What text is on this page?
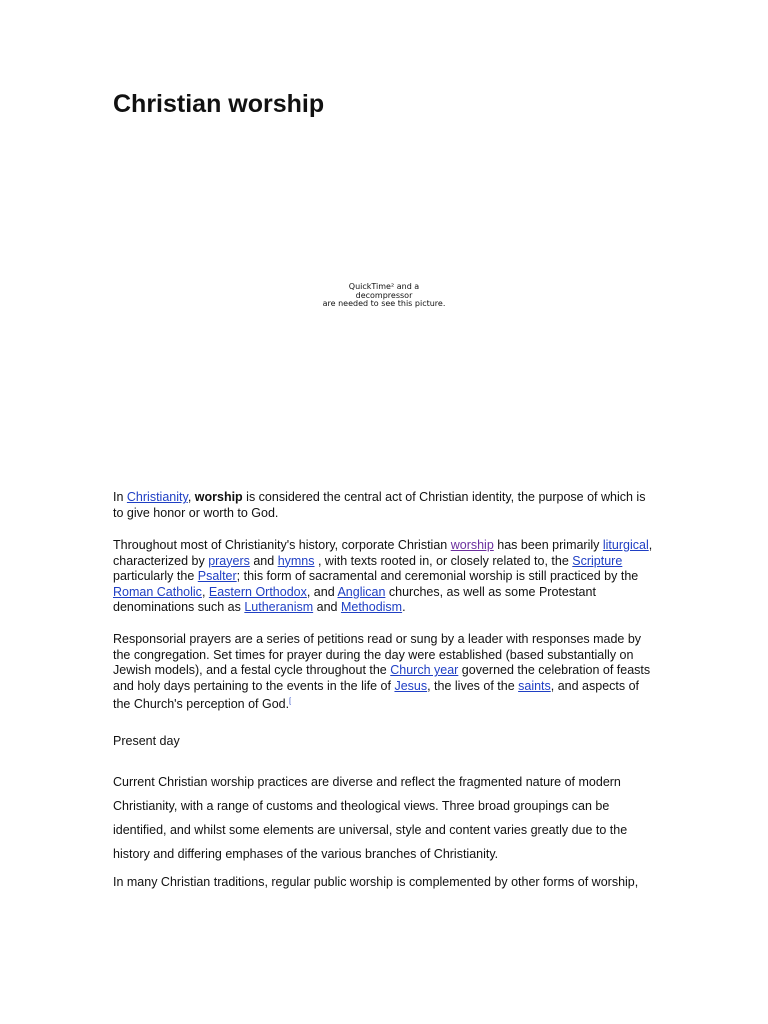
Christian worship
QuickTime² and a
decompressor
are needed to see this picture.

In Christianity, worship is considered the central act of Christian identity, the purpose of which is to give honor or worth to God.

Throughout most of Christianity's history, corporate Christian worship has been primarily liturgical, characterized by prayers and hymns , with texts rooted in, or closely related to, the Scripture particularly the Psalter; this form of sacramental and ceremonial worship is still practiced by the Roman Catholic, Eastern Orthodox, and Anglican churches, as well as some Protestant denominations such as Lutheranism and Methodism.

Responsorial prayers are a series of petitions read or sung by a leader with responses made by the congregation. Set times for prayer during the day were established (based substantially on Jewish models), and a festal cycle throughout the Church year governed the celebration of feasts and holy days pertaining to the events in the life of Jesus, the lives of the saints, and aspects of the Church's perception of God.[

Present day

Current Christian worship practices are diverse and reflect the fragmented nature of modern Christianity, with a range of customs and theological views. Three broad groupings can be identified, and whilst some elements are universal, style and content varies greatly due to the history and differing emphases of the various branches of Christianity.

In many Christian traditions, regular public worship is complemented by other forms of worship,
